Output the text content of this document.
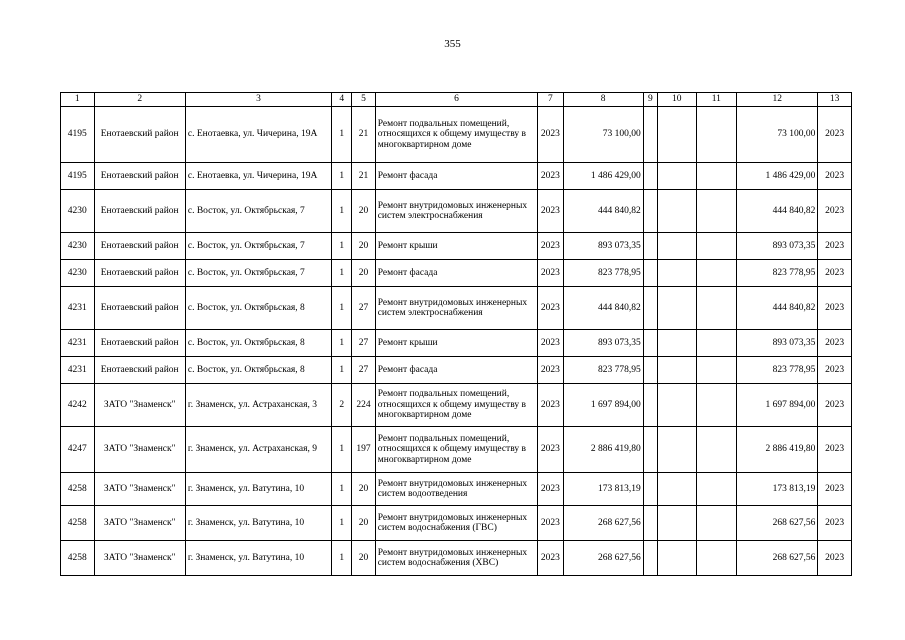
355
1	2	3	4	5	6	7	8	9	10	11	12	13
4195	Енотаевский район	с. Енотаевка, ул. Чичерина, 19А	1	21	Ремонт подвальных помещений, относящихся к общему имуществу в многоквартирном доме	2023	73 100,00				73 100,00	2023
4195	Енотаевский район	с. Енотаевка, ул. Чичерина, 19А	1	21	Ремонт фасада	2023	1 486 429,00				1 486 429,00	2023
4230	Енотаевский район	с. Восток, ул. Октябрьская, 7	1	20	Ремонт внутридомовых инженерных систем электроснабжения	2023	444 840,82				444 840,82	2023
4230	Енотаевский район	с. Восток, ул. Октябрьская, 7	1	20	Ремонт крыши	2023	893 073,35				893 073,35	2023
4230	Енотаевский район	с. Восток, ул. Октябрьская, 7	1	20	Ремонт фасада	2023	823 778,95				823 778,95	2023
4231	Енотаевский район	с. Восток, ул. Октябрьская, 8	1	27	Ремонт внутридомовых инженерных систем электроснабжения	2023	444 840,82				444 840,82	2023
4231	Енотаевский район	с. Восток, ул. Октябрьская, 8	1	27	Ремонт крыши	2023	893 073,35				893 073,35	2023
4231	Енотаевский район	с. Восток, ул. Октябрьская, 8	1	27	Ремонт фасада	2023	823 778,95				823 778,95	2023
4242	ЗАТО "Знаменск"	г. Знаменск, ул. Астраханская, 3	2	224	Ремонт подвальных помещений, относящихся к общему имуществу в многоквартирном доме	2023	1 697 894,00				1 697 894,00	2023
4247	ЗАТО "Знаменск"	г. Знаменск, ул. Астраханская, 9	1	197	Ремонт подвальных помещений, относящихся к общему имуществу в многоквартирном доме	2023	2 886 419,80				2 886 419,80	2023
4258	ЗАТО "Знаменск"	г. Знаменск, ул. Ватутина, 10	1	20	Ремонт внутридомовых инженерных систем водоотведения	2023	173 813,19				173 813,19	2023
4258	ЗАТО "Знаменск"	г. Знаменск, ул. Ватутина, 10	1	20	Ремонт внутридомовых инженерных систем водоснабжения (ГВС)	2023	268 627,56				268 627,56	2023
4258	ЗАТО "Знаменск"	г. Знаменск, ул. Ватутина, 10	1	20	Ремонт внутридомовых инженерных систем водоснабжения (ХВС)	2023	268 627,56				268 627,56	2023
